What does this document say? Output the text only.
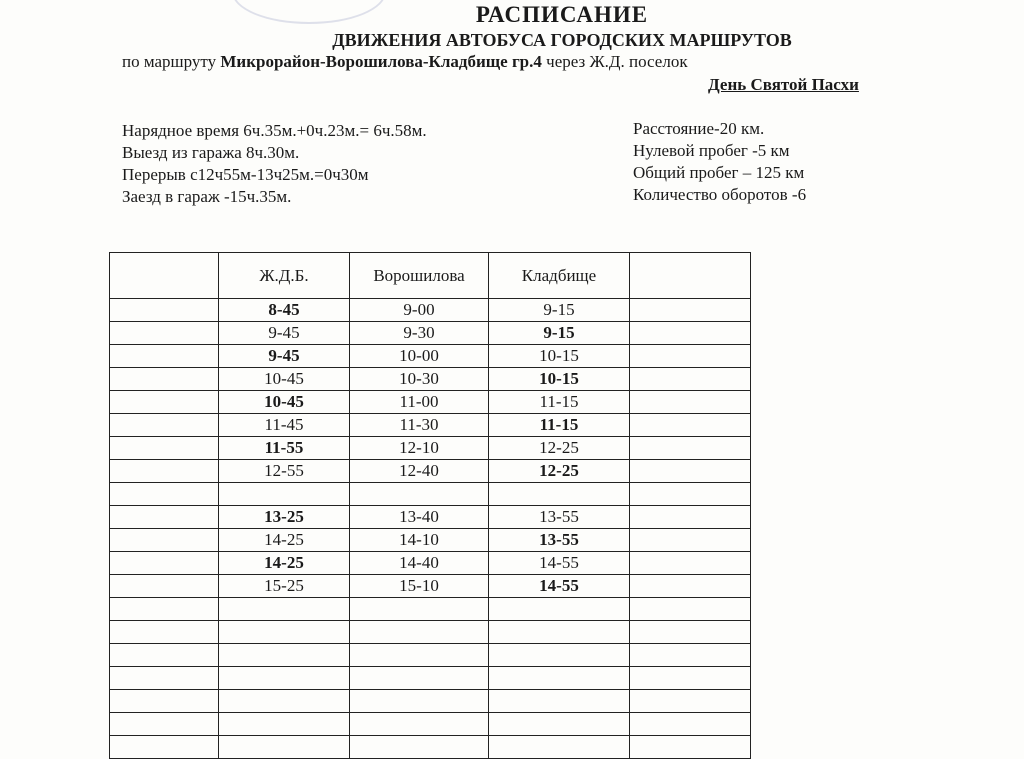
РАСПИСАНИЕ
ДВИЖЕНИЯ АВТОБУСА ГОРОДСКИХ МАРШРУТОВ
по маршруту Микрорайон-Ворошилова-Кладбище гр.4 через Ж.Д. поселок
День Святой Пасхи
Нарядное время 6ч.35м.+0ч.23м.= 6ч.58м.
Выезд из гаража 8ч.30м.
Перерыв с12ч55м-13ч25м.=0ч30м
Заезд в гараж -15ч.35м.
Расстояние-20 км.
Нулевой пробег -5 км
Общий пробег – 125 км
Количество оборотов -6
	Ж.Д.Б.	Ворошилова	Кладбище	
	8-45	9-00	9-15	
	9-45	9-30	9-15	
	9-45	10-00	10-15	
	10-45	10-30	10-15	
	10-45	11-00	11-15	
	11-45	11-30	11-15	
	11-55	12-10	12-25	
	12-55	12-40	12-25	

	13-25	13-40	13-55	
	14-25	14-10	13-55	
	14-25	14-40	14-55	
	15-25	15-10	14-55	
